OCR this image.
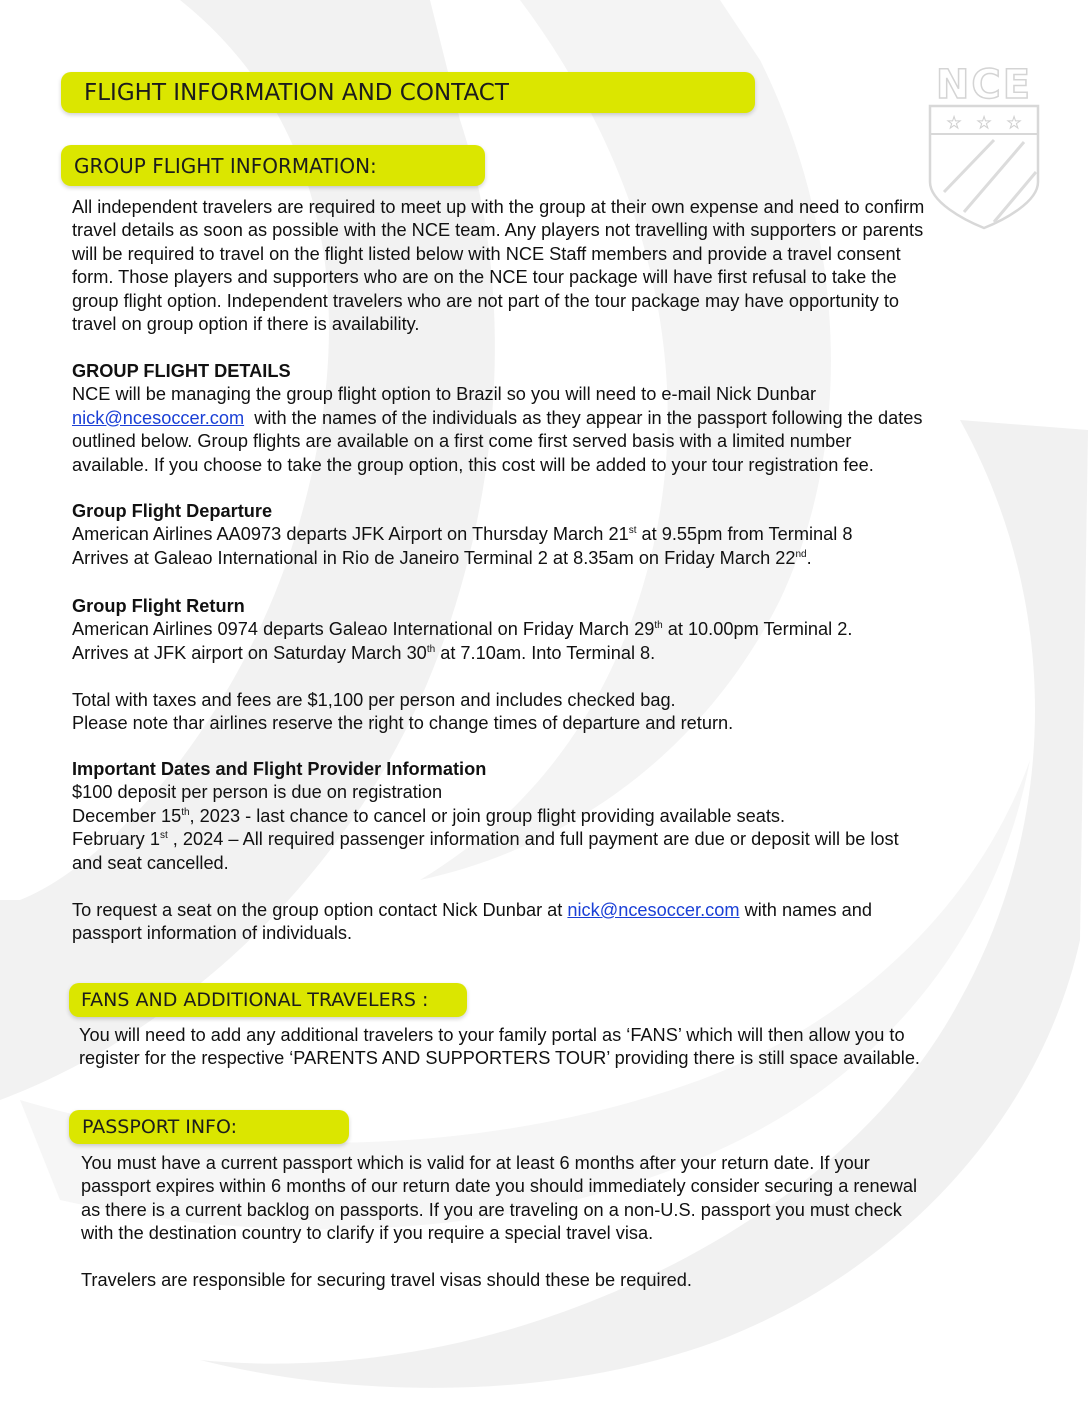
★ ★ ★
NCE
FLIGHT INFORMATION AND CONTACT
GROUP FLIGHT INFORMATION:

All independent travelers are required to meet up with the group at their own expense and need to confirm

travel details as soon as possible with the NCE team. Any players not travelling with supporters or parents

will be required to travel on the flight listed below with NCE Staff members and provide a travel consent

form. Those players and supporters who are on the NCE tour package will have first refusal to take the

group flight option. Independent travelers who are not part of the tour package may have opportunity to

travel on group option if there is availability.

GROUP FLIGHT DETAILS

NCE will be managing the group flight option to Brazil so you will need to e-mail Nick Dunbar

nick@ncesoccer.com  with the names of the individuals as they appear in the passport following the dates

outlined below. Group flights are available on a first come first served basis with a limited number

available. If you choose to take the group option, this cost will be added to your tour registration fee.

Group Flight Departure

American Airlines AA0973 departs JFK Airport on Thursday March 21st at 9.55pm from Terminal 8

Arrives at Galeao International in Rio de Janeiro Terminal 2 at 8.35am on Friday March 22nd.

Group Flight Return

American Airlines 0974 departs Galeao International on Friday March 29th at 10.00pm Terminal 2.

Arrives at JFK airport on Saturday March 30th at 7.10am. Into Terminal 8.

Total with taxes and fees are $1,100 per person and includes checked bag.

Please note thar airlines reserve the right to change times of departure and return.

Important Dates and Flight Provider Information

$100 deposit per person is due on registration

December 15th, 2023 - last chance to cancel or join group flight providing available seats.

February 1st , 2024 – All required passenger information and full payment are due or deposit will be lost

and seat cancelled.

To request a seat on the group option contact Nick Dunbar at nick@ncesoccer.com with names and

passport information of individuals.

FANS AND ADDITIONAL TRAVELERS :

You will need to add any additional travelers to your family portal as ‘FANS’ which will then allow you to

register for the respective ‘PARENTS AND SUPPORTERS TOUR’ providing there is still space available.

PASSPORT INFO:

You must have a current passport which is valid for at least 6 months after your return date. If your

passport expires within 6 months of our return date you should immediately consider securing a renewal

as there is a current backlog on passports. If you are traveling on a non-U.S. passport you must check

with the destination country to clarify if you require a special travel visa.

Travelers are responsible for securing travel visas should these be required.
